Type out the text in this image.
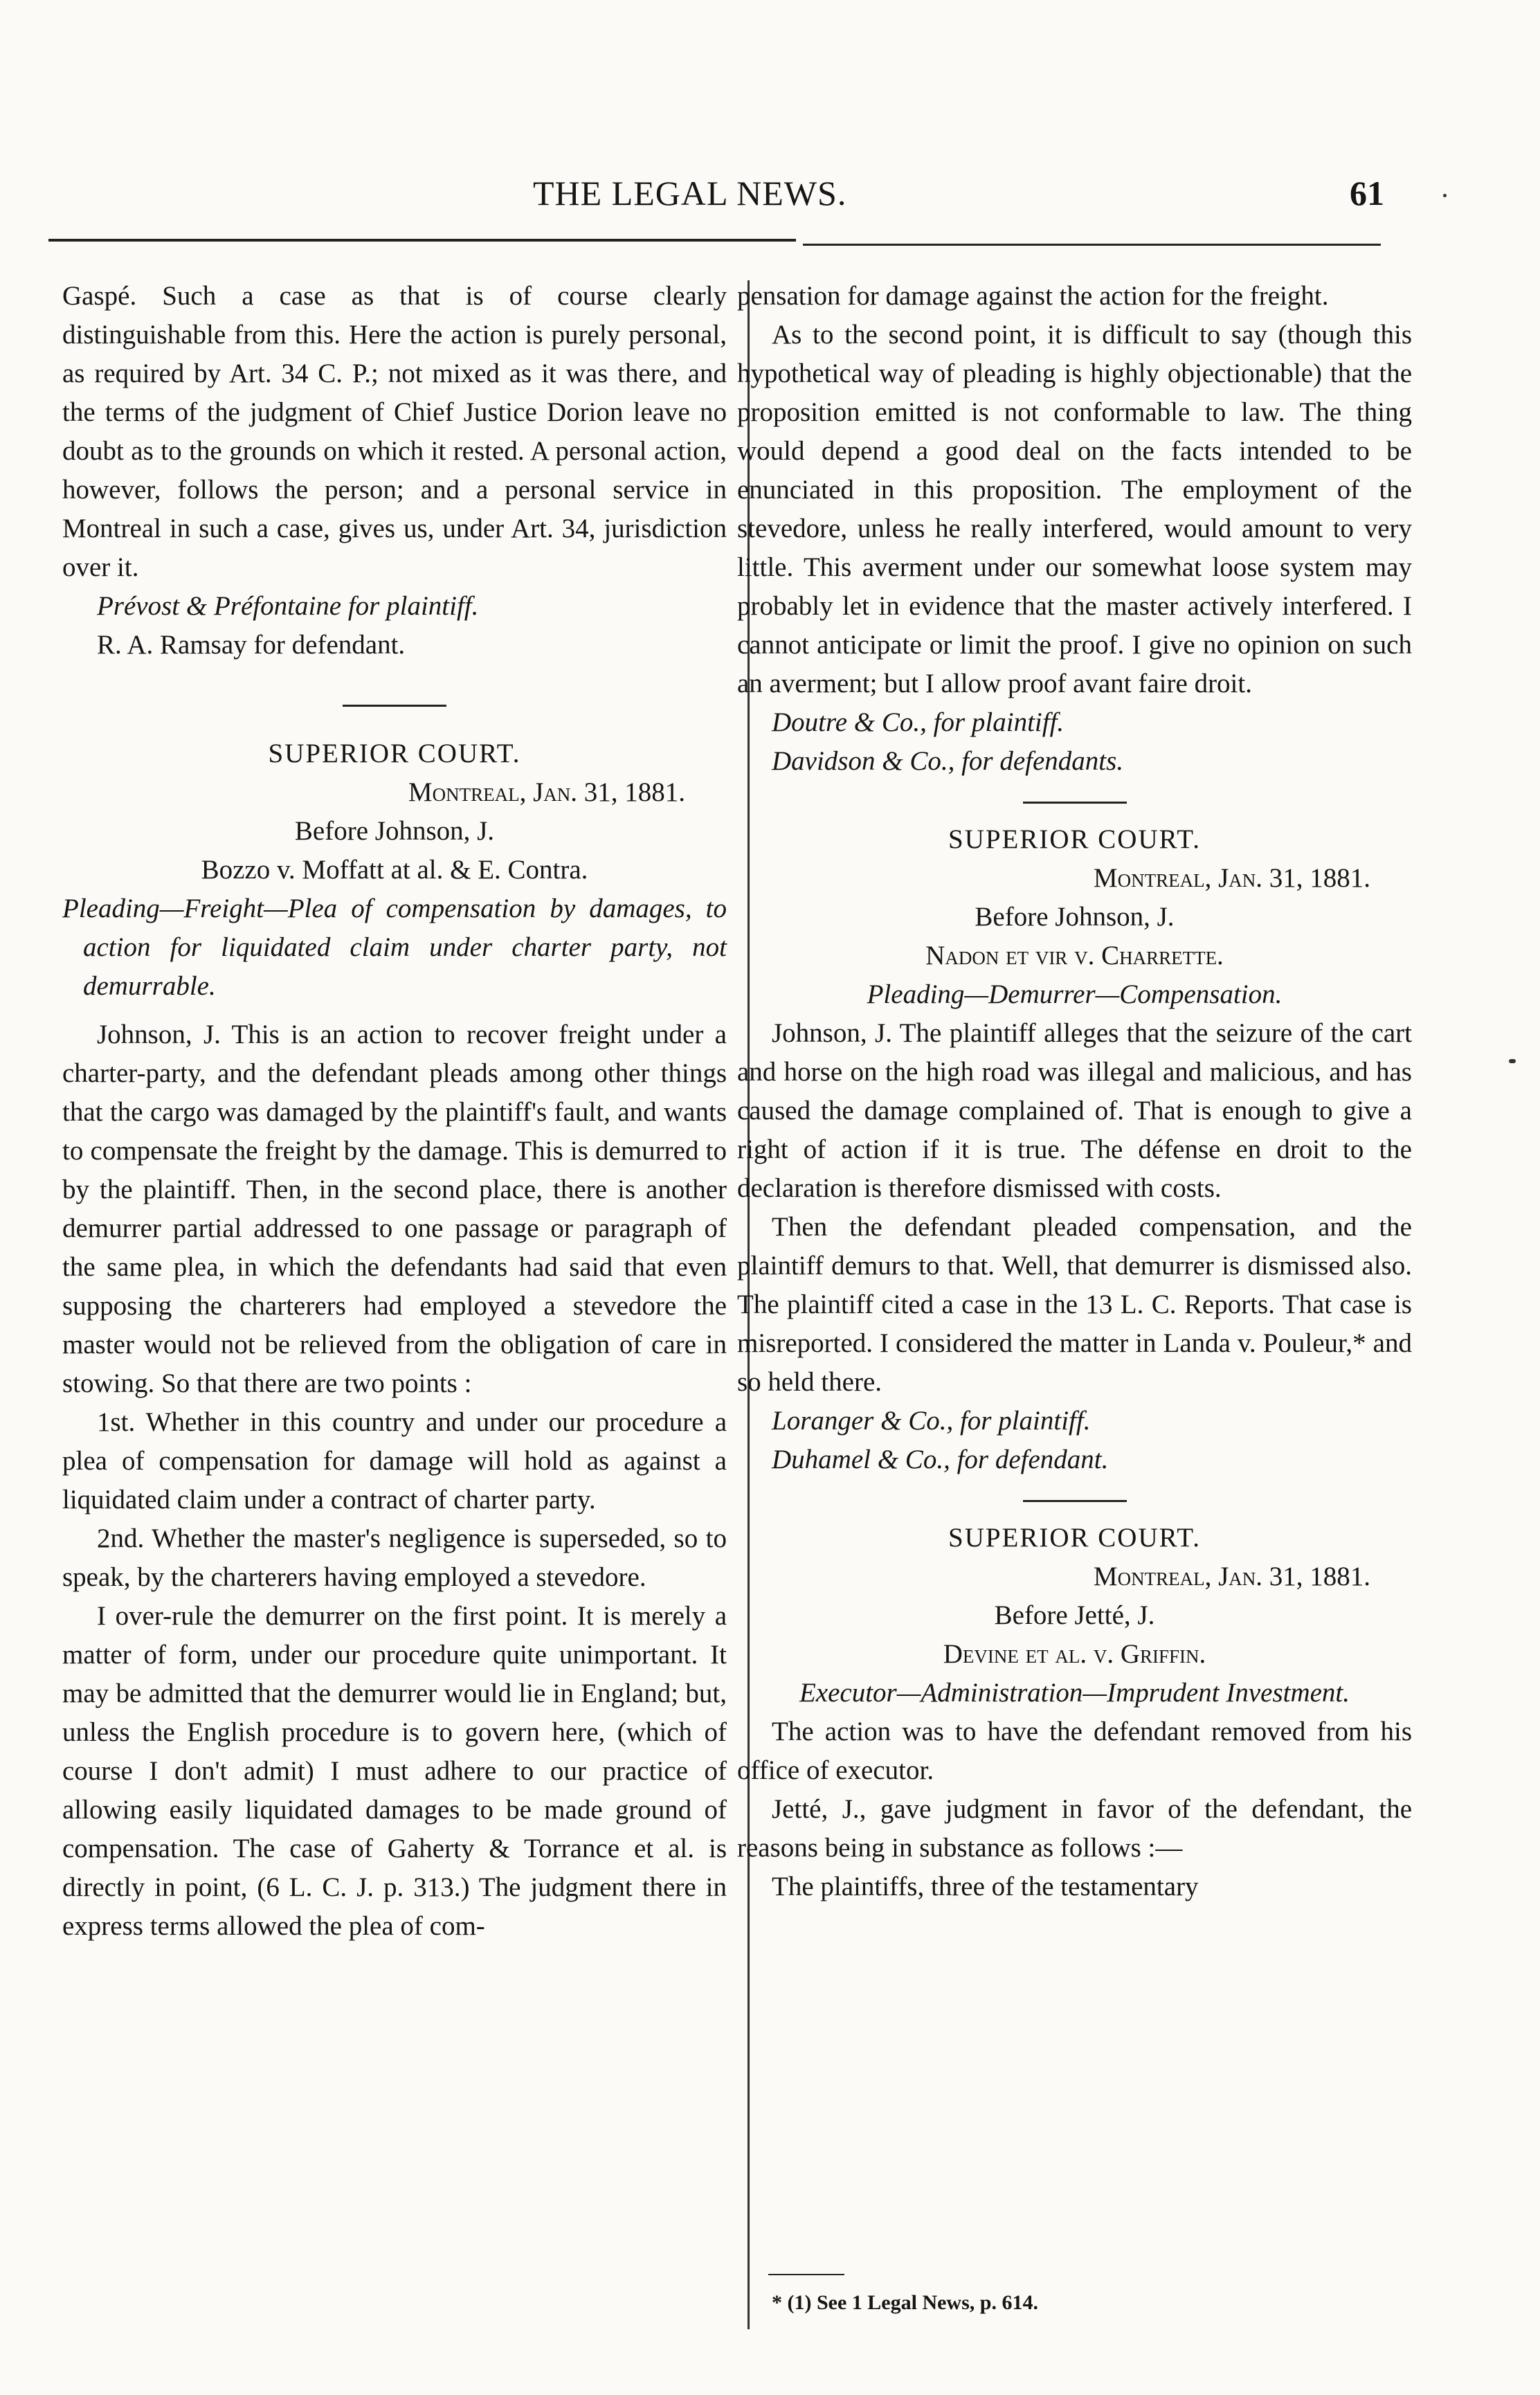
THE LEGAL NEWS.	61

Gaspé. Such a case as that is of course clearly distinguishable from this. Here the action is purely personal, as required by Art. 34 C. P.; not mixed as it was there, and the terms of the judgment of Chief Justice Dorion leave no doubt as to the grounds on which it rested. A personal action, however, follows the person; and a personal service in Montreal in such a case, gives us, under Art. 34, jurisdiction over it.

Prévost & Préfontaine for plaintiff.

R. A. Ramsay for defendant.

SUPERIOR COURT.
Montreal, Jan. 31, 1881.
Before Johnson, J.
Bozzo v. Moffatt at al. & E. Contra.

Pleading—Freight—Plea of compensation by damages, to action for liquidated claim under charter party, not demurrable.

Johnson, J. This is an action to recover freight under a charter-party, and the defendant pleads among other things that the cargo was damaged by the plaintiff's fault, and wants to compensate the freight by the damage. This is demurred to by the plaintiff. Then, in the second place, there is another demurrer partial addressed to one passage or paragraph of the same plea, in which the defendants had said that even supposing the charterers had employed a stevedore the master would not be relieved from the obligation of care in stowing. So that there are two points :

1st. Whether in this country and under our procedure a plea of compensation for damage will hold as against a liquidated claim under a contract of charter party.

2nd. Whether the master's negligence is superseded, so to speak, by the charterers having employed a stevedore.

I over-rule the demurrer on the first point. It is merely a matter of form, under our procedure quite unimportant. It may be admitted that the demurrer would lie in England; but, unless the English procedure is to govern here, (which of course I don't admit) I must adhere to our practice of allowing easily liquidated damages to be made ground of compensation. The case of Gaherty & Torrance et al. is directly in point, (6 L. C. J. p. 313.) The judgment there in express terms allowed the plea of com-

pensation for damage against the action for the freight.

As to the second point, it is difficult to say (though this hypothetical way of pleading is highly objectionable) that the proposition emitted is not conformable to law. The thing would depend a good deal on the facts intended to be enunciated in this proposition. The employment of the stevedore, unless he really interfered, would amount to very little. This averment under our somewhat loose system may probably let in evidence that the master actively interfered. I cannot anticipate or limit the proof. I give no opinion on such an averment; but I allow proof avant faire droit.

Doutre & Co., for plaintiff.

Davidson & Co., for defendants.

SUPERIOR COURT.
Montreal, Jan. 31, 1881.
Before Johnson, J.
Nadon et vir v. Charrette.

Pleading—Demurrer—Compensation.

Johnson, J. The plaintiff alleges that the seizure of the cart and horse on the high road was illegal and malicious, and has caused the damage complained of. That is enough to give a right of action if it is true. The défense en droit to the declaration is therefore dismissed with costs.

Then the defendant pleaded compensation, and the plaintiff demurs to that. Well, that demurrer is dismissed also. The plaintiff cited a case in the 13 L. C. Reports. That case is misreported. I considered the matter in Landa v. Pouleur,* and so held there.

Loranger & Co., for plaintiff.

Duhamel & Co., for defendant.

SUPERIOR COURT.
Montreal, Jan. 31, 1881.
Before Jetté, J.
Devine et al. v. Griffin.

Executor—Administration—Imprudent Investment.

The action was to have the defendant removed from his office of executor.

Jetté, J., gave judgment in favor of the defendant, the reasons being in substance as follows :—

The plaintiffs, three of the testamentary

* (1) See 1 Legal News, p. 614.
